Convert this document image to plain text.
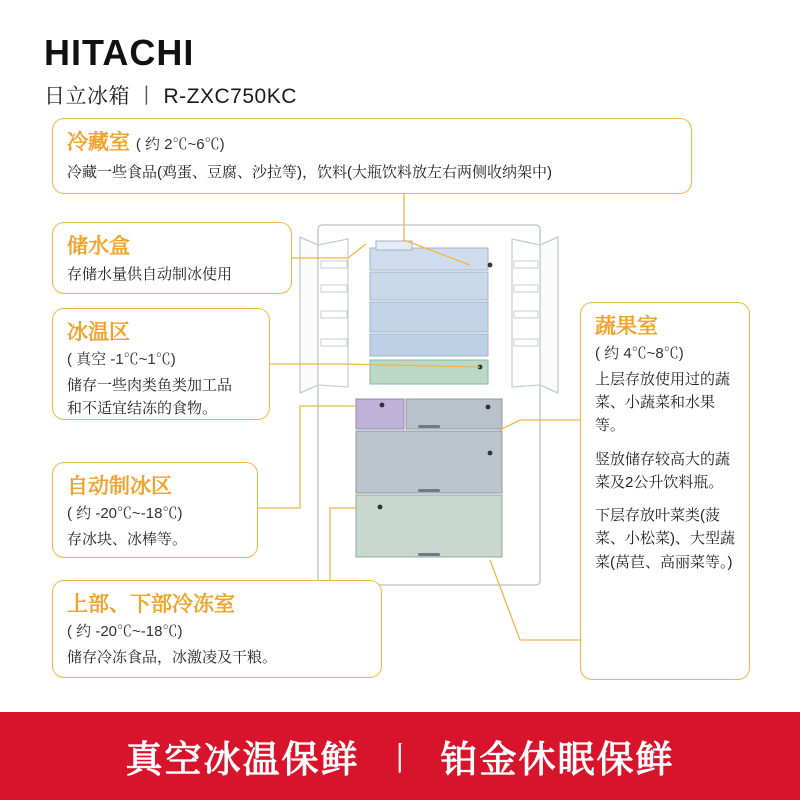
HITACHI
日立冰箱 丨 R-ZXC750KC
冷藏室 ( 约 2℃~6℃)
冷藏一些食品(鸡蛋、豆腐、沙拉等)，饮料(大瓶饮料放左右两侧收纳架中)
储水盒
存储水量供自动制冰使用
冰温区
( 真空 -1℃~1℃)
储存一些肉类鱼类加工品
和不适宜结冻的食物。
自动制冰区
( 约 -20℃~-18℃)
存冰块、冰棒等。
上部、下部冷冻室
( 约 -20℃~-18℃)
储存冷冻食品，冰激凌及干粮。
蔬果室
( 约 4℃~8℃)

上层存放使用过的蔬菜、小蔬菜和水果等。

竖放储存较高大的蔬菜及2公升饮料瓶。

下层存放叶菜类(菠菜、小松菜)、大型蔬菜(莴苣、高丽菜等。)

真空冰温保鲜 丨 铂金休眠保鲜
